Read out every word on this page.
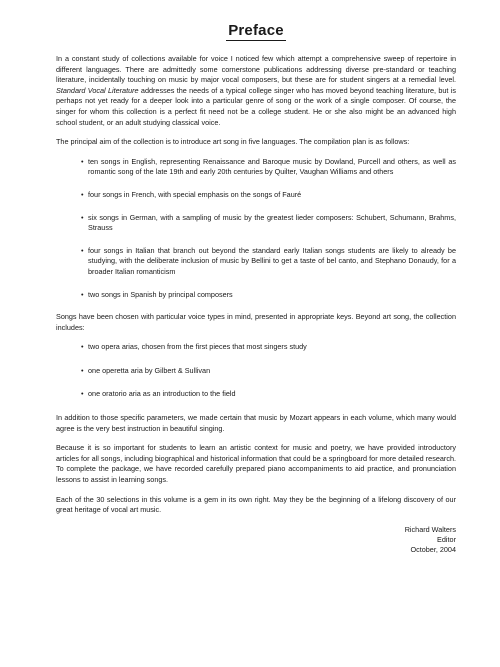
Preface

In a constant study of collections available for voice I noticed few which attempt a comprehensive sweep of repertoire in different languages. There are admittedly some cornerstone publications addressing diverse pre-standard or teaching literature, incidentally touching on music by major vocal composers, but these are for student singers at a remedial level. Standard Vocal Literature addresses the needs of a typical college singer who has moved beyond teaching literature, but is perhaps not yet ready for a deeper look into a particular genre of song or the work of a single composer. Of course, the singer for whom this collection is a perfect fit need not be a college student. He or she also might be an advanced high school student, or an adult studying classical voice.

The principal aim of the collection is to introduce art song in five languages. The compilation plan is as follows:

• ten songs in English, representing Renaissance and Baroque music by Dowland, Purcell and others, as well as romantic song of the late 19th and early 20th centuries by Quilter, Vaughan Williams and others
• four songs in French, with special emphasis on the songs of Fauré
• six songs in German, with a sampling of music by the greatest lieder composers: Schubert, Schumann, Brahms, Strauss
• four songs in Italian that branch out beyond the standard early Italian songs students are likely to already be studying, with the deliberate inclusion of music by Bellini to get a taste of bel canto, and Stephano Donaudy, for a broader Italian romanticism
• two songs in Spanish by principal composers

Songs have been chosen with particular voice types in mind, presented in appropriate keys. Beyond art song, the collection includes:

• two opera arias, chosen from the first pieces that most singers study
• one operetta aria by Gilbert & Sullivan
• one oratorio aria as an introduction to the field

In addition to those specific parameters, we made certain that music by Mozart appears in each volume, which many would agree is the very best instruction in beautiful singing.

Because it is so important for students to learn an artistic context for music and poetry, we have provided introductory articles for all songs, including biographical and historical information that could be a springboard for more detailed research. To complete the package, we have recorded carefully prepared piano accompaniments to aid practice, and pronunciation lessons to assist in learning songs.

Each of the 30 selections in this volume is a gem in its own right. May they be the beginning of a lifelong discovery of our great heritage of vocal art music.

Richard Walters
Editor
October, 2004
